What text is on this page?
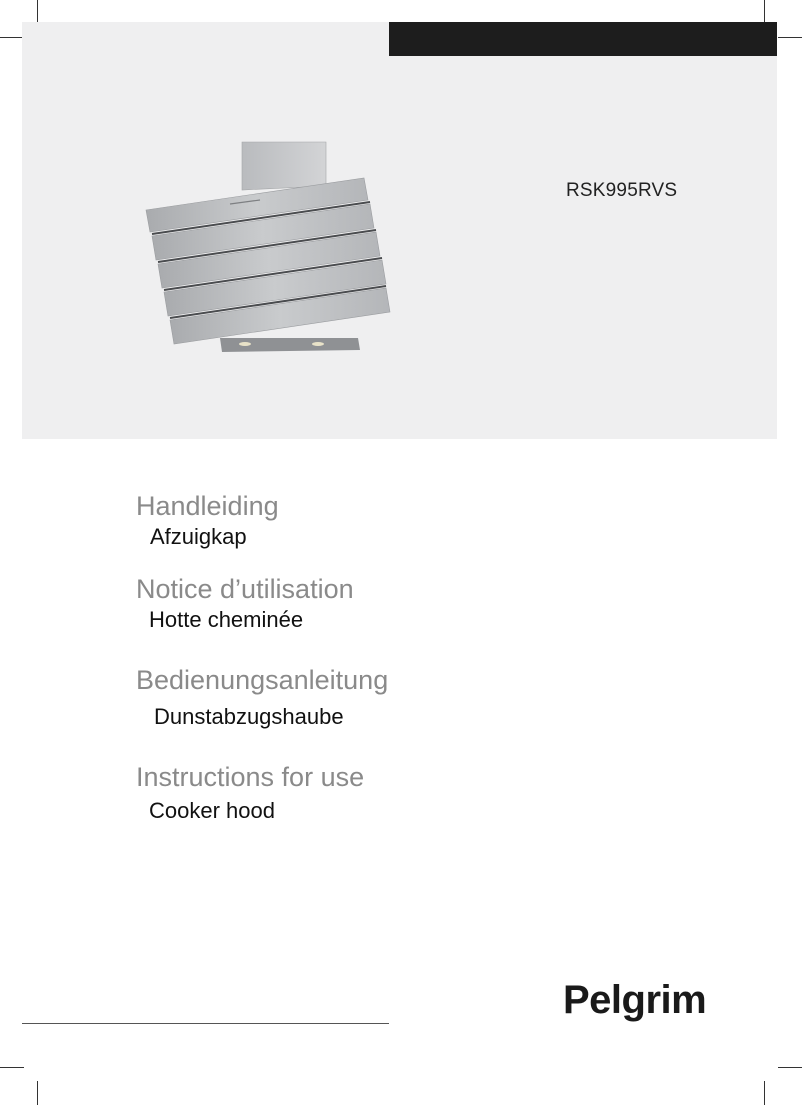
RSK995RVS
Handleiding
Afzuigkap
Notice d’utilisation
Hotte cheminée
Bedienungsanleitung
Dunstabzugshaube
Instructions for use
Cooker hood
Pelgrim
